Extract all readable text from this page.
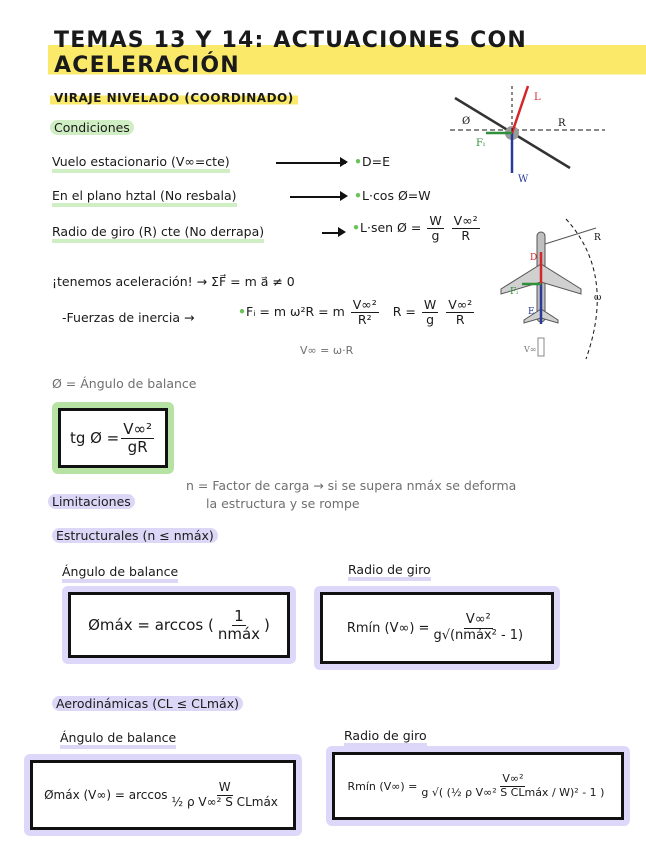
TEMAS 13 Y 14: ACTUACIONES CON ACELERACIÓN
VIRAJE NIVELADO (COORDINADO)
Condiciones
Vuelo estacionario (V∞=cte)	•D=E
En el plano hztal (No resbala)	•L·cos Ø=W
Radio de giro (R) cte (No derrapa)	•L·sen Ø = $\frac{W}{g}$
$\frac{\text{V∞²}}{R}$
¡tenemos aceleración! → ΣF⃗ = m a⃗ ≠ 0
-Fuerzas de inercia →	•Fᵢ = m ω²R = m $\frac{\text{V∞²}}{\text{R²}}$ $R = \frac{W}{g}$
$\frac{\text{V∞²}}{R}$
V∞ = ω·R
Ø = Ángulo de balance
tg Ø = $\frac{\text{V∞²}}{gR}$
Limitaciones
n = Factor de carga → si se supera nmáx se deforma
la estructura y se rompe
Estructurales (n ≤ nmáx)
Ángulo de balance	Radio de giro
Ømáx = arccos ( $\frac{1}{\text{nmáx}}$ )	Rmín $(V\infty) = \frac{\text{V∞²}}{\text{g√(nmáx² - 1)}}$
Aerodinámicas (CL ≤ CLmáx)
Ángulo de balance	Radio de giro
Ømáx $(V\infty) = \arccos \frac{W}{\text{½ ρ V∞² S CLmáx}}$	Rmín $(V\infty) = \frac{\text{V∞²}}{\text{g √( (½ ρ V∞² S CLmáx / W)² - 1 )}}$
L
Fᵢ
W
R
Ø
D
Fᵢ
E
R
ω
V∞
